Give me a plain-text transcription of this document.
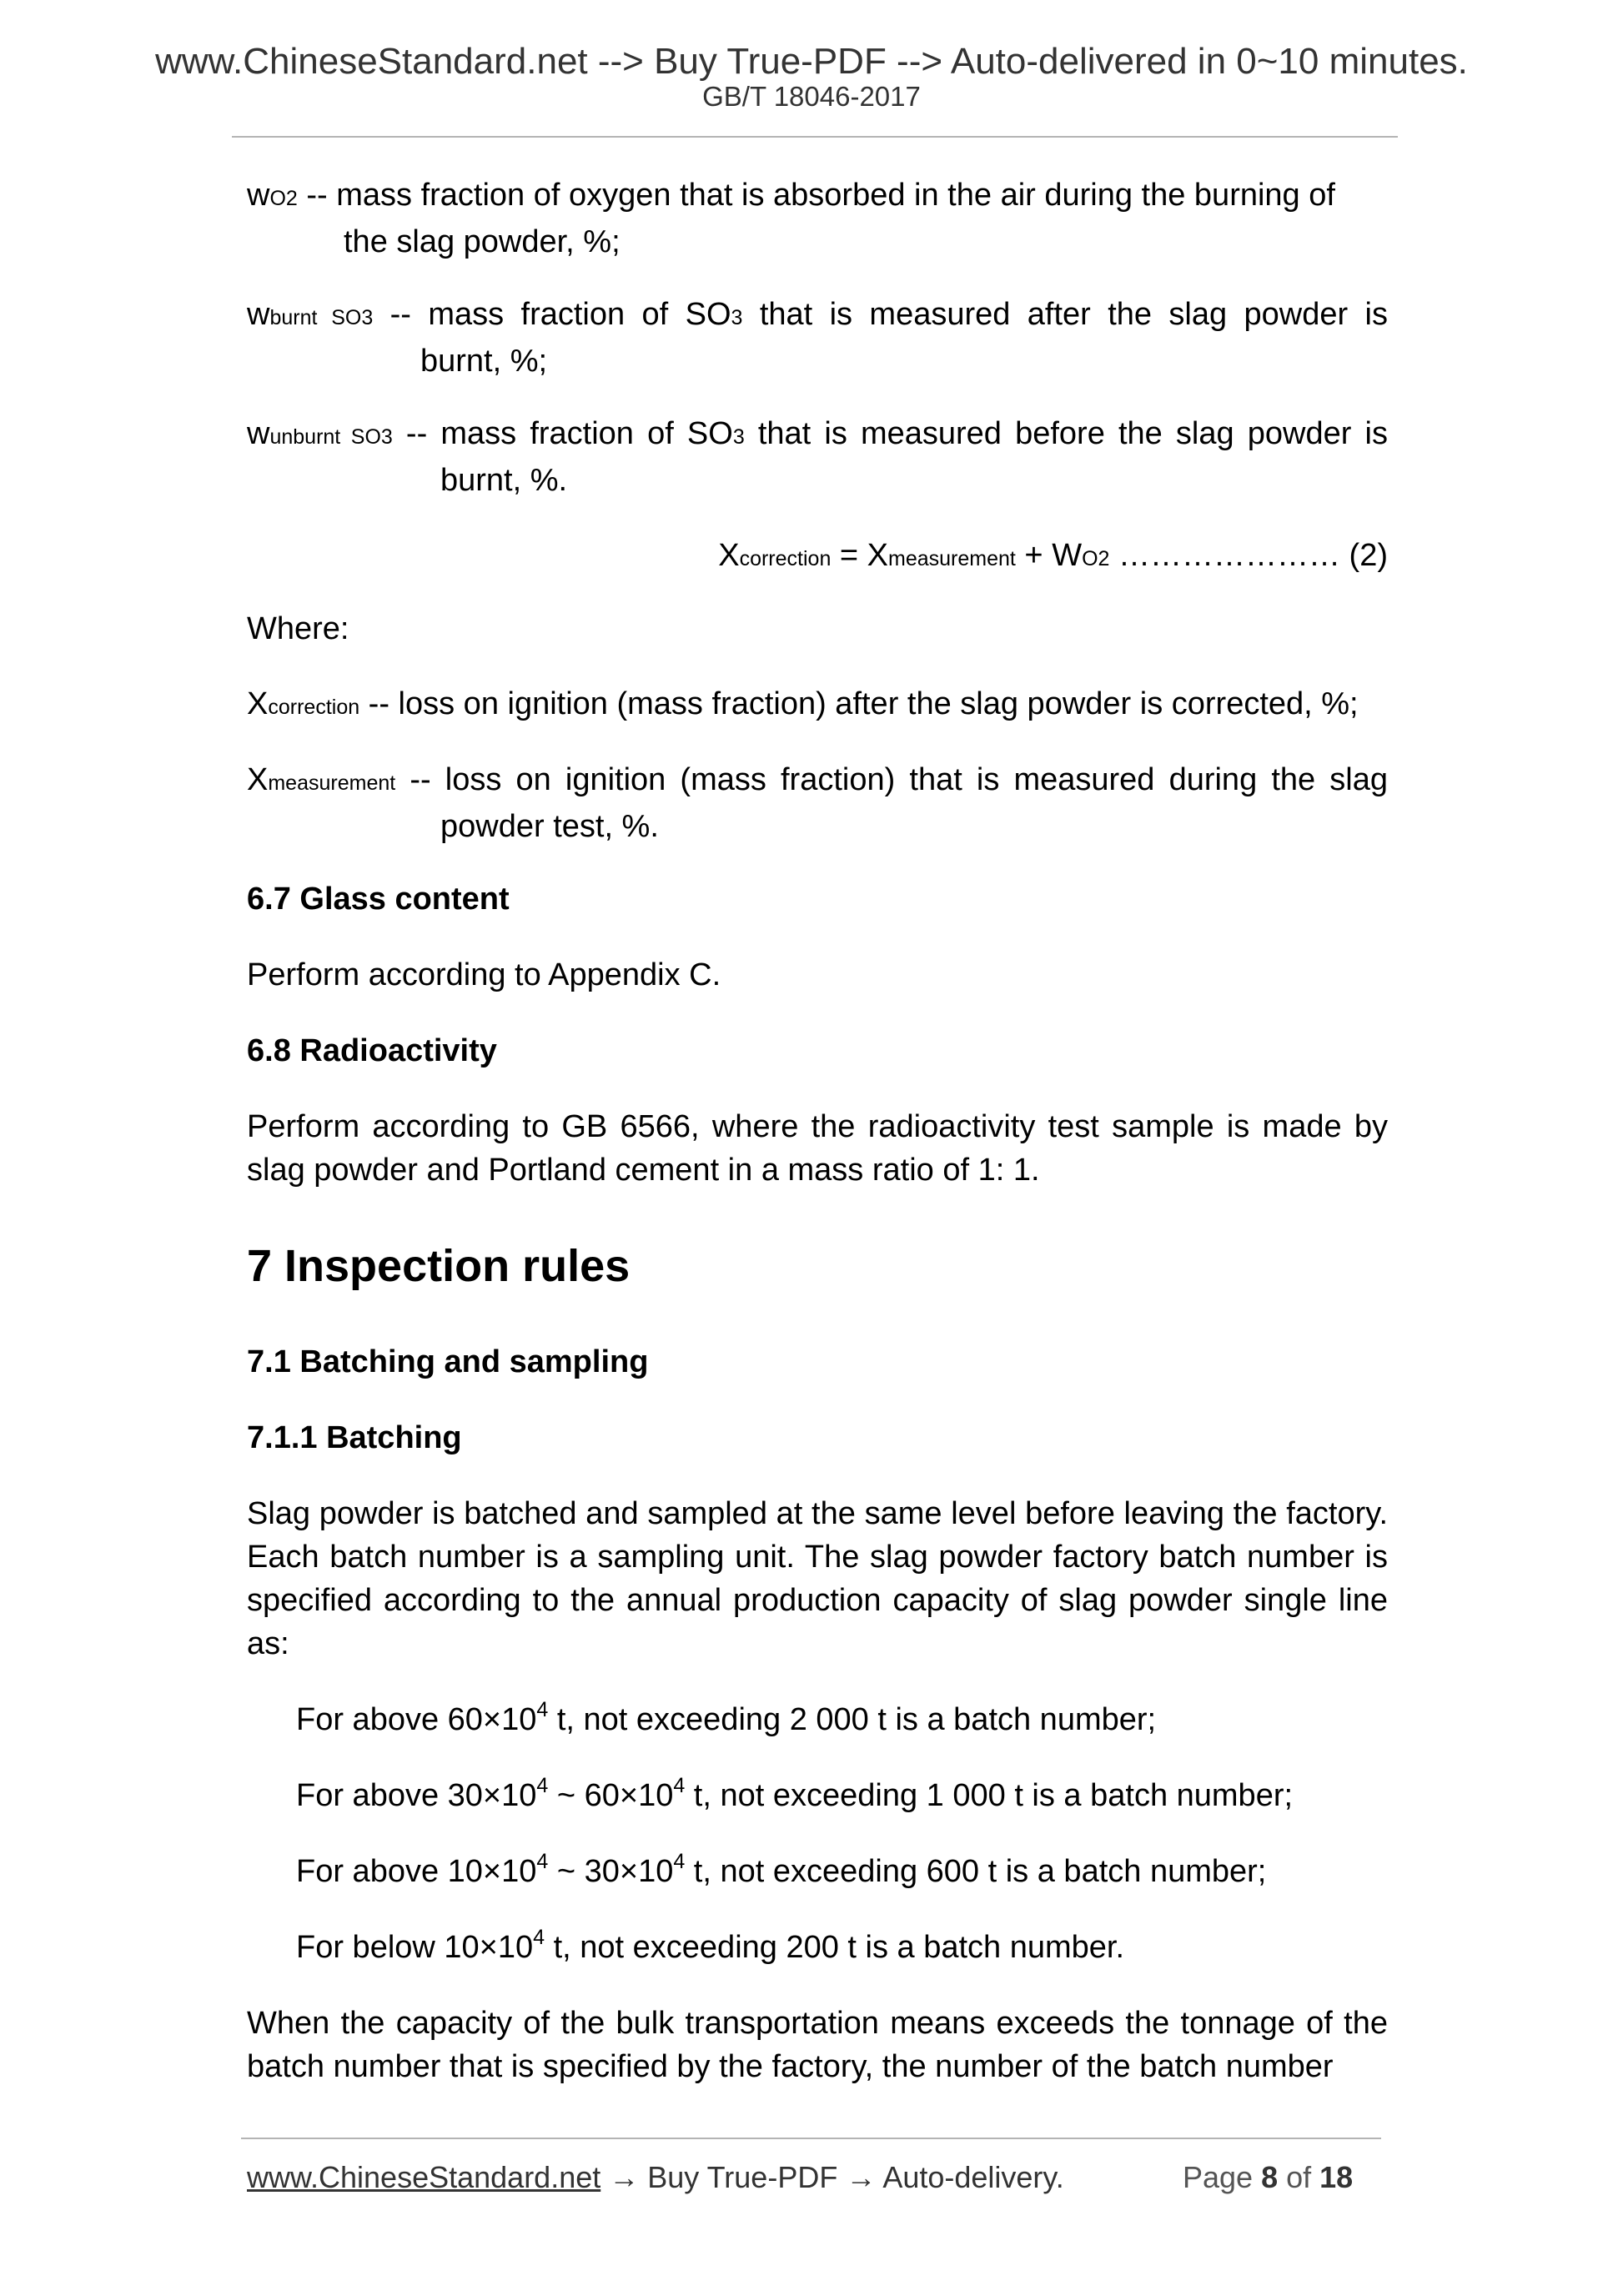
www.ChineseStandard.net --> Buy True-PDF --> Auto-delivered in 0~10 minutes.
GB/T 18046-2017
wO2 -- mass fraction of oxygen that is absorbed in the air during the burning of
the slag powder, %;
wburnt SO3 -- mass fraction of SO3 that is measured after the slag powder is
burnt, %;
wunburnt SO3 -- mass fraction of SO3 that is measured before the slag powder is
burnt, %.
Xcorrection = Xmeasurement + WO2 ………………… (2)
Where:
Xcorrection -- loss on ignition (mass fraction) after the slag powder is corrected, %;
Xmeasurement -- loss on ignition (mass fraction) that is measured during the slag
powder test, %.
6.7 Glass content
Perform according to Appendix C.
6.8 Radioactivity
Perform according to GB 6566, where the radioactivity test sample is made by slag powder and Portland cement in a mass ratio of 1: 1.
7 Inspection rules
7.1 Batching and sampling
7.1.1 Batching
Slag powder is batched and sampled at the same level before leaving the factory. Each batch number is a sampling unit. The slag powder factory batch number is specified according to the annual production capacity of slag powder single line as:
For above $60\times 10^4$ t, not exceeding 2 000 t is a batch number;
For above $30\times 10^4$ ~ $60\times 10^4$ t, not exceeding 1 000 t is a batch number;
For above $10\times 10^4$ ~ $30\times 10^4$ t, not exceeding 600 t is a batch number;
For below $10\times 10^4$ t, not exceeding 200 t is a batch number.
When the capacity of the bulk transportation means exceeds the tonnage of the batch number that is specified by the factory, the number of the batch number
www.ChineseStandard.net → Buy True-PDF → Auto-delivery.	Page 8 of 18
